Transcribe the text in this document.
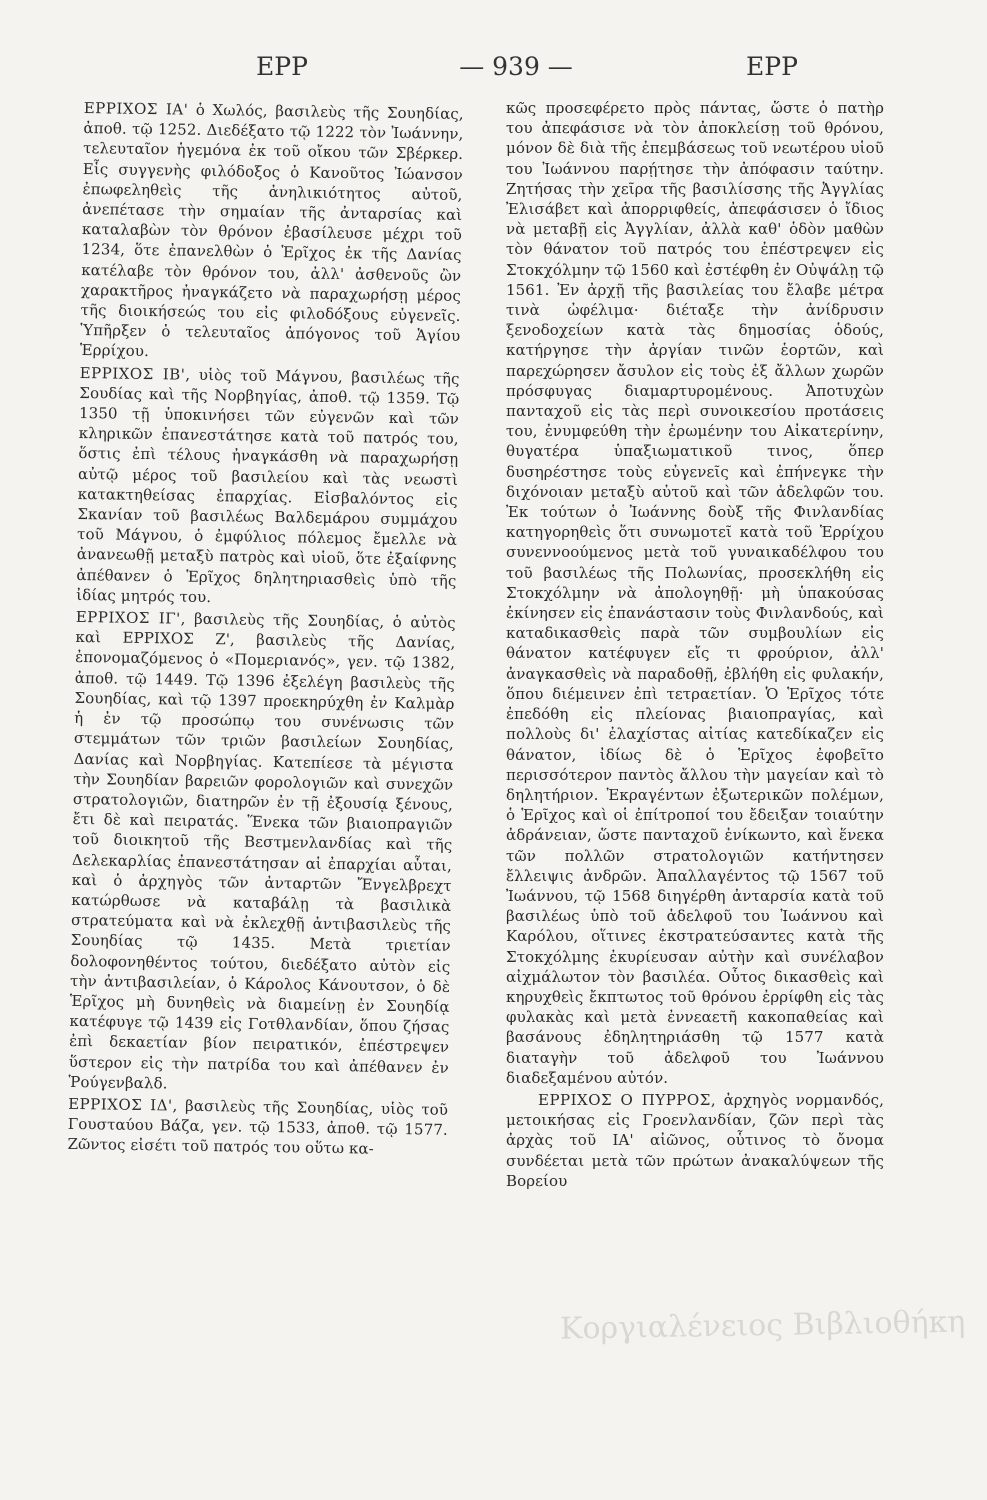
ΕΡΡ	— 939 —	ΕΡΡ

ΕΡΡΙΧΟΣ ΙΑ' ὁ Χωλός, βασιλεὺς τῆς Σουηδίας, ἀποθ. τῷ 1252. Διεδέξατο τῷ 1222 τὸν Ἰωάννην, τελευταῖον ἡγεμόνα ἐκ τοῦ οἴκου τῶν Σβέρκερ. Εἷς συγγενὴς φιλόδοξος ὁ Κανοῦτος Ἰώανσον ἐπωφεληθεὶς τῆς ἀνηλικιότητος αὐτοῦ, ἀνεπέτασε τὴν σημαίαν τῆς ἀνταρσίας καὶ καταλαβὼν τὸν θρόνον ἐβασίλευσε μέχρι τοῦ 1234, ὅτε ἐπανελθὼν ὁ Ἑρῖχος ἐκ τῆς Δανίας κατέλαβε τὸν θρόνον του, ἀλλ' ἀσθενοῦς ὢν χαρακτῆρος ἠναγκάζετο νὰ παραχωρήσῃ μέρος τῆς διοικήσεώς του εἰς φιλοδόξους εὐγενεῖς. Ὑπῆρξεν ὁ τελευταῖος ἀπόγονος τοῦ Ἁγίου Ἑρρίχου.

ΕΡΡΙΧΟΣ ΙΒ', υἱὸς τοῦ Μάγνου, βασιλέως τῆς Σουδίας καὶ τῆς Νορβηγίας, ἀποθ. τῷ 1359. Τῷ 1350 τῇ ὑποκινήσει τῶν εὐγενῶν καὶ τῶν κληρικῶν ἐπανεστάτησε κατὰ τοῦ πατρός του, ὅστις ἐπὶ τέλους ἠναγκάσθη νὰ παραχωρήσῃ αὐτῷ μέρος τοῦ βασιλείου καὶ τὰς νεωστὶ κατακτηθείσας ἐπαρχίας. Εἰσβαλόντος εἰς Σκανίαν τοῦ βασιλέως Βαλδεμάρου συμμάχου τοῦ Μάγνου, ὁ ἐμφύλιος πόλεμος ἔμελλε νὰ ἀνανεωθῇ μεταξὺ πατρὸς καὶ υἱοῦ, ὅτε ἐξαίφνης ἀπέθανεν ὁ Ἑρῖχος δηλητηριασθεὶς ὑπὸ τῆς ἰδίας μητρός του.

ΕΡΡΙΧΟΣ ΙΓ', βασιλεὺς τῆς Σουηδίας, ὁ αὐτὸς καὶ ΕΡΡΙΧΟΣ Ζ', βασιλεὺς τῆς Δανίας, ἐπονομαζόμενος ὁ «Πομεριανός», γεν. τῷ 1382, ἀποθ. τῷ 1449. Τῷ 1396 ἐξελέγη βασιλεὺς τῆς Σουηδίας, καὶ τῷ 1397 προεκηρύχθη ἐν Καλμὰρ ἡ ἐν τῷ προσώπῳ του συνένωσις τῶν στεμμάτων τῶν τριῶν βασιλείων Σουηδίας, Δανίας καὶ Νορβηγίας. Κατεπίεσε τὰ μέγιστα τὴν Σουηδίαν βαρειῶν φορολογιῶν καὶ συνεχῶν στρατολογιῶν, διατηρῶν ἐν τῇ ἐξουσίᾳ ξένους, ἔτι δὲ καὶ πειρατάς. Ἕνεκα τῶν βιαιοπραγιῶν τοῦ διοικητοῦ τῆς Βεστμενλανδίας καὶ τῆς Δελεκαρλίας ἐπανεστάτησαν αἱ ἐπαρχίαι αὗται, καὶ ὁ ἀρχηγὸς τῶν ἀνταρτῶν Ἔνγελβρεχτ κατώρθωσε νὰ καταβάλῃ τὰ βασιλικὰ στρατεύματα καὶ νὰ ἐκλεχθῇ ἀντιβασιλεὺς τῆς Σουηδίας τῷ 1435. Μετὰ τριετίαν δολοφονηθέντος τούτου, διεδέξατο αὐτὸν εἰς τὴν ἀντιβασιλείαν, ὁ Κάρολος Κάνουτσον, ὁ δὲ Ἑρῖχος μὴ δυνηθεὶς νὰ διαμείνῃ ἐν Σουηδίᾳ κατέφυγε τῷ 1439 εἰς Γοτθλανδίαν, ὅπου ζήσας ἐπὶ δεκαετίαν βίον πειρατικόν, ἐπέστρεψεν ὕστερον εἰς τὴν πατρίδα του καὶ ἀπέθανεν ἐν Ῥούγενβαλδ.

ΕΡΡΙΧΟΣ ΙΔ', βασιλεὺς τῆς Σουηδίας, υἱὸς τοῦ Γουσταύου Βάζα, γεν. τῷ 1533, ἀποθ. τῷ 1577. Ζῶντος εἰσέτι τοῦ πατρός του οὕτω κα-

κῶς προσεφέρετο πρὸς πάντας, ὥστε ὁ πατὴρ του ἀπεφάσισε νὰ τὸν ἀποκλείσῃ τοῦ θρόνου, μόνον δὲ διὰ τῆς ἐπεμβάσεως τοῦ νεωτέρου υἱοῦ του Ἰωάννου παρῄτησε τὴν ἀπόφασιν ταύτην. Ζητήσας τὴν χεῖρα τῆς βασιλίσσης τῆς Ἀγγλίας Ἐλισάβετ καὶ ἀπορριφθείς, ἀπεφάσισεν ὁ ἴδιος νὰ μεταβῇ εἰς Ἀγγλίαν, ἀλλὰ καθ' ὁδὸν μαθὼν τὸν θάνατον τοῦ πατρός του ἐπέστρεψεν εἰς Στοκχόλμην τῷ 1560 καὶ ἐστέφθη ἐν Οὐψάλῃ τῷ 1561. Ἐν ἀρχῇ τῆς βασιλείας του ἔλαβε μέτρα τινὰ ὠφέλιμα· διέταξε τὴν ἀνίδρυσιν ξενοδοχείων κατὰ τὰς δημοσίας ὁδούς, κατήργησε τὴν ἀργίαν τινῶν ἑορτῶν, καὶ παρεχώρησεν ἄσυλον εἰς τοὺς ἐξ ἄλλων χωρῶν πρόσφυγας διαμαρτυρομένους. Ἀποτυχὼν πανταχοῦ εἰς τὰς περὶ συνοικεσίου προτάσεις του, ἐνυμφεύθη τὴν ἐρωμένην του Αἰκατερίνην, θυγατέρα ὑπαξιωματικοῦ τινος, ὅπερ δυσηρέστησε τοὺς εὐγενεῖς καὶ ἐπήνεγκε τὴν διχόνοιαν μεταξὺ αὐτοῦ καὶ τῶν ἀδελφῶν του. Ἐκ τούτων ὁ Ἰωάννης δοὺξ τῆς Φινλανδίας κατηγορηθεὶς ὅτι συνωμοτεῖ κατὰ τοῦ Ἑρρίχου συνεννοούμενος μετὰ τοῦ γυναικαδέλφου του τοῦ βασιλέως τῆς Πολωνίας, προσεκλήθη εἰς Στοκχόλμην νὰ ἀπολογηθῇ· μὴ ὑπακούσας ἐκίνησεν εἰς ἐπανάστασιν τοὺς Φινλανδούς, καὶ καταδικασθεὶς παρὰ τῶν συμβουλίων εἰς θάνατον κατέφυγεν εἴς τι φρούριον, ἀλλ' ἀναγκασθεὶς νὰ παραδοθῇ, ἐβλήθη εἰς φυλακήν, ὅπου διέμεινεν ἐπὶ τετραετίαν. Ὁ Ἑρῖχος τότε ἐπεδόθη εἰς πλείονας βιαιοπραγίας, καὶ πολλοὺς δι' ἐλαχίστας αἰτίας κατεδίκαζεν εἰς θάνατον, ἰδίως δὲ ὁ Ἑρῖχος ἐφοβεῖτο περισσότερον παντὸς ἄλλου τὴν μαγείαν καὶ τὸ δηλητήριον. Ἐκραγέντων ἐξωτερικῶν πολέμων, ὁ Ἑρῖχος καὶ οἱ ἐπίτροποί του ἔδειξαν τοιαύτην ἀδράνειαν, ὥστε πανταχοῦ ἐνίκωντο, καὶ ἕνεκα τῶν πολλῶν στρατολογιῶν κατήντησεν ἔλλειψις ἀνδρῶν. Ἀπαλλαγέντος τῷ 1567 τοῦ Ἰωάννου, τῷ 1568 διηγέρθη ἀνταρσία κατὰ τοῦ βασιλέως ὑπὸ τοῦ ἀδελφοῦ του Ἰωάννου καὶ Καρόλου, οἵτινες ἐκστρατεύσαντες κατὰ τῆς Στοκχόλμης ἐκυρίευσαν αὐτὴν καὶ συνέλαβον αἰχμάλωτον τὸν βασιλέα. Οὗτος δικασθεὶς καὶ κηρυχθεὶς ἔκπτωτος τοῦ θρόνου ἐρρίφθη εἰς τὰς φυλακὰς καὶ μετὰ ἐννεαετῆ κακοπαθείας καὶ βασάνους ἐδηλητηριάσθη τῷ 1577 κατὰ διαταγὴν τοῦ ἀδελφοῦ του Ἰωάννου διαδεξαμένου αὐτόν.

ΕΡΡΙΧΟΣ Ο ΠΥΡΡΟΣ, ἀρχηγὸς νορμανδός, μετοικήσας εἰς Γροενλανδίαν, ζῶν περὶ τὰς ἀρχὰς τοῦ ΙΑ' αἰῶνος, οὗτινος τὸ ὄνομα συνδέεται μετὰ τῶν πρώτων ἀνακαλύψεων τῆς Βορείου

Κοργιαλένειος Βιβλιοθήκη
